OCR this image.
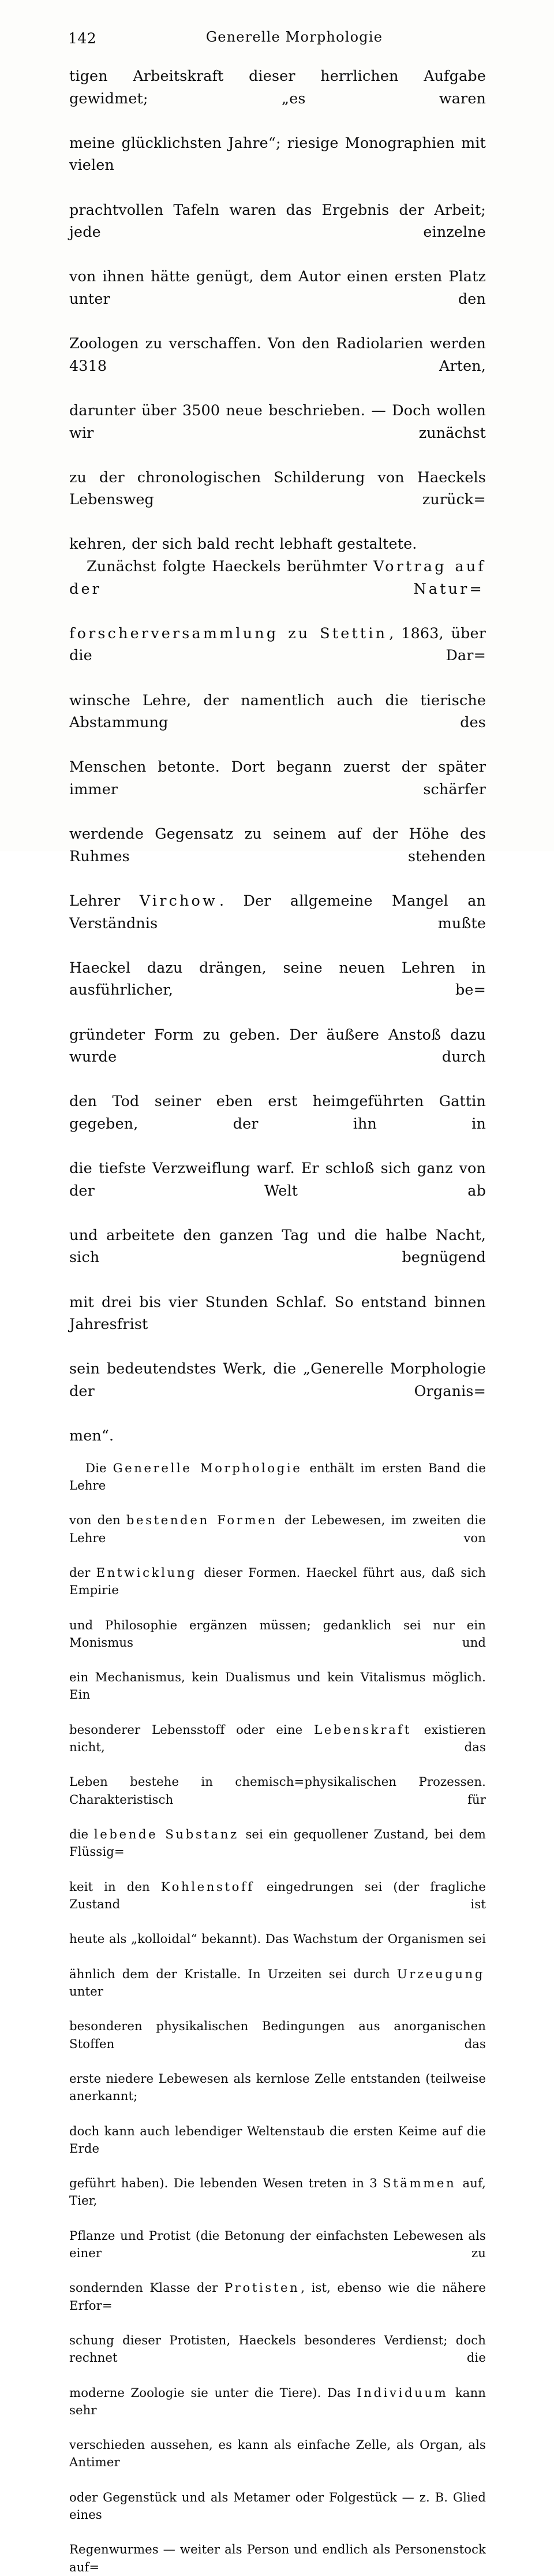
142	Generelle Morphologie

tigen Arbeitskraft dieser herrlichen Aufgabe gewidmet; „es waren
meine glücklichsten Jahre“; riesige Monographien mit vielen
prachtvollen Tafeln waren das Ergebnis der Arbeit; jede einzelne
von ihnen hätte genügt, dem Autor einen ersten Platz unter den
Zoologen zu verschaffen. Von den Radiolarien werden 4318 Arten,
darunter über 3500 neue beschrieben. — Doch wollen wir zunächst
zu der chronologischen Schilderung von Haeckels Lebensweg zurück=
kehren, der sich bald recht lebhaft gestaltete.

Zunächst folgte Haeckels berühmter Vortrag auf der Natur=
forscherversammlung zu Stettin , 1863, über die Dar=
winsche Lehre, der namentlich auch die tierische Abstammung des
Menschen betonte. Dort begann zuerst der später immer schärfer
werdende Gegensatz zu seinem auf der Höhe des Ruhmes stehenden
Lehrer Virchow . Der allgemeine Mangel an Verständnis mußte
Haeckel dazu drängen, seine neuen Lehren in ausführlicher, be=
gründeter Form zu geben. Der äußere Anstoß dazu wurde durch
den Tod seiner eben erst heimgeführten Gattin gegeben, der ihn in
die tiefste Verzweiflung warf. Er schloß sich ganz von der Welt ab
und arbeitete den ganzen Tag und die halbe Nacht, sich begnügend
mit drei bis vier Stunden Schlaf. So entstand binnen Jahresfrist
sein bedeutendstes Werk, die „Generelle Morphologie der Organis=
men“.

Die Generelle Morphologie enthält im ersten Band die Lehre
von den bestenden Formen der Lebewesen, im zweiten die Lehre von
der Entwicklung dieser Formen. Haeckel führt aus, daß sich Empirie
und Philosophie ergänzen müssen; gedanklich sei nur ein Monismus und
ein Mechanismus, kein Dualismus und kein Vitalismus möglich. Ein
besonderer Lebensstoff oder eine Lebenskraft existieren nicht, das
Leben bestehe in chemisch=physikalischen Prozessen. Charakteristisch für
die lebende Substanz sei ein gequollener Zustand, bei dem Flüssig=
keit in den Kohlenstoff eingedrungen sei (der fragliche Zustand ist
heute als „kolloidal“ bekannt). Das Wachstum der Organismen sei
ähnlich dem der Kristalle. In Urzeiten sei durch Urzeugung unter
besonderen physikalischen Bedingungen aus anorganischen Stoffen das
erste niedere Lebewesen als kernlose Zelle entstanden (teilweise anerkannt;
doch kann auch lebendiger Weltenstaub die ersten Keime auf die Erde
geführt haben). Die lebenden Wesen treten in 3 Stämmen auf, Tier,
Pflanze und Protist (die Betonung der einfachsten Lebewesen als einer zu
sondernden Klasse der Protisten, ist, ebenso wie die nähere Erfor=
schung dieser Protisten, Haeckels besonderes Verdienst; doch rechnet die
moderne Zoologie sie unter die Tiere). Das Individuum kann sehr
verschieden aussehen, es kann als einfache Zelle, als Organ, als Antimer
oder Gegenstück und als Metamer oder Folgestück — z. B. Glied eines
Regenwurmes — weiter als Person und endlich als Personenstock auf=
